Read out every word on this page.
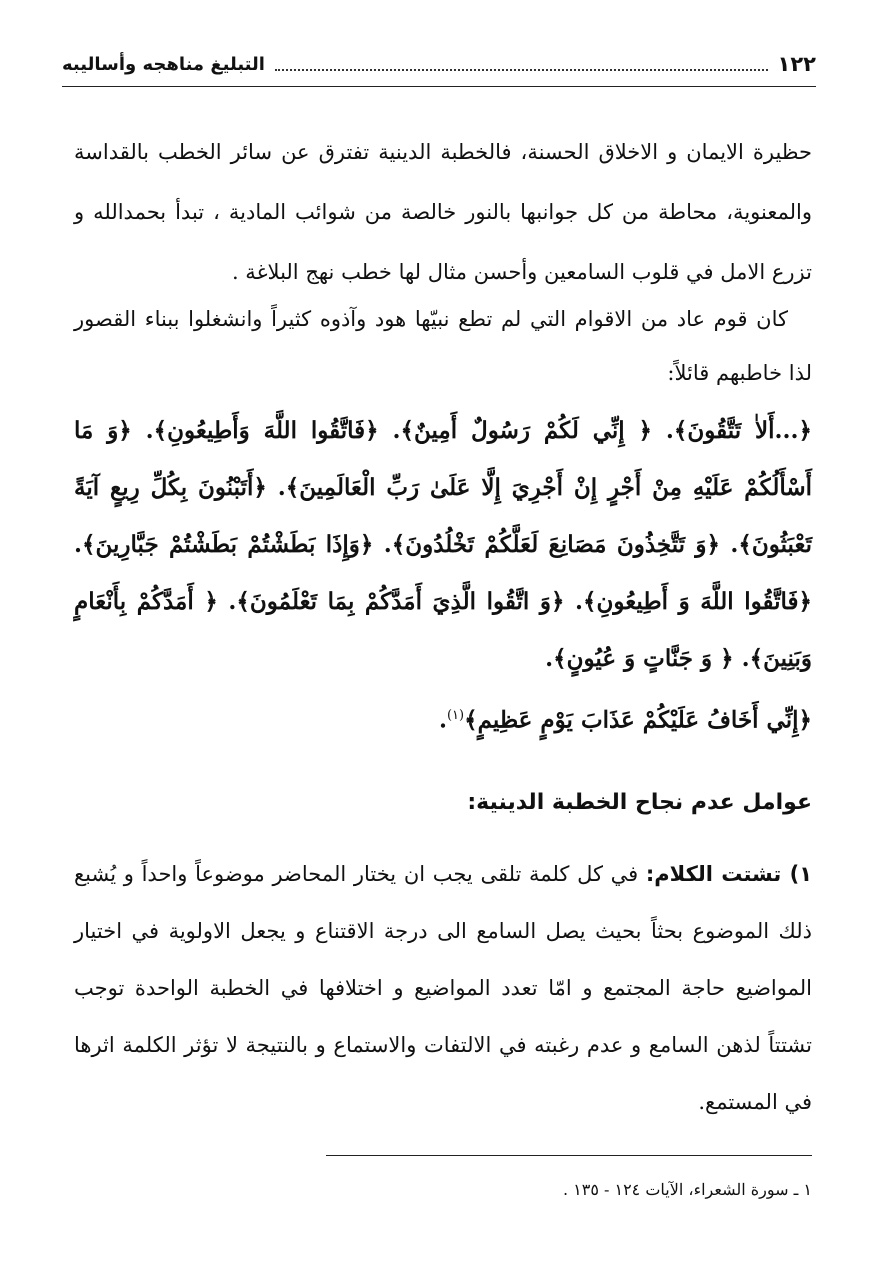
١٢٢
التبليغ مناهجه وأساليبه

حظيرة الايمان و الاخلاق الحسنة، فالخطبة الدينية تفترق عن سائر الخطب بالقداسة والمعنوية، محاطة من كل جوانبها بالنور خالصة من شوائب المادية ، تبدأ بحمدالله و تزرع الامل في قلوب السامعين وأحسن مثال لها خطب نهج البلاغة .

كان قوم عاد من الاقوام التي لم تطع نبيّها هود وآذوه كثيراً وانشغلوا ببناء القصور لذا خاطبهم قائلاً:

﴿...أَلاٰ تَتَّقُونَ﴾. ﴿ إِنِّي لَكُمْ رَسُولٌ أَمِينٌ﴾. ﴿فَاتَّقُوا اللَّهَ وَأَطِيعُونِ﴾. ﴿وَ مَا أَسْأَلُكُمْ عَلَيْهِ مِنْ أَجْرٍ إِنْ أَجْرِيَ إِلَّا عَلَىٰ رَبِّ الْعَالَمِينَ﴾. ﴿أَتَبْنُونَ بِكُلِّ رِيعٍ آيَةً تَعْبَثُونَ﴾. ﴿وَ تَتَّخِذُونَ مَصَانِعَ لَعَلَّكُمْ تَخْلُدُونَ﴾. ﴿وَإِذَا بَطَشْتُمْ بَطَشْتُمْ جَبَّارِينَ﴾. ﴿فَاتَّقُوا اللَّهَ وَ أَطِيعُونِ﴾. ﴿وَ اتَّقُوا الَّذِيَ أَمَدَّكُمْ بِمَا تَعْلَمُونَ﴾. ﴿ أَمَدَّكُمْ بِأَنْعَامٍ وَبَنِينَ﴾. ﴿ وَ جَنَّاتٍ وَ عُيُونٍ﴾.
﴿إِنِّي أَخَافُ عَلَيْكُمْ عَذَابَ يَوْمٍ عَظِيمٍ﴾$^{(١)}$.
عوامل عدم نجاح الخطبة الدينية:

١) تشتت الكلام: في كل كلمة تلقى يجب ان يختار المحاضر موضوعاً واحداً و يُشبع ذلك الموضوع بحثاً بحيث يصل السامع الى درجة الاقتناع و يجعل الاولوية في اختيار المواضيع حاجة المجتمع و امّا تعدد المواضيع و اختلافها في الخطبة الواحدة توجب تشتتاً لذهن السامع و عدم رغبته في الالتفات والاستماع و بالنتيجة لا تؤثر الكلمة اثرها في المستمع.

١ ـ سورة الشعراء، الآيات ١٢٤ - ١٣٥ .
